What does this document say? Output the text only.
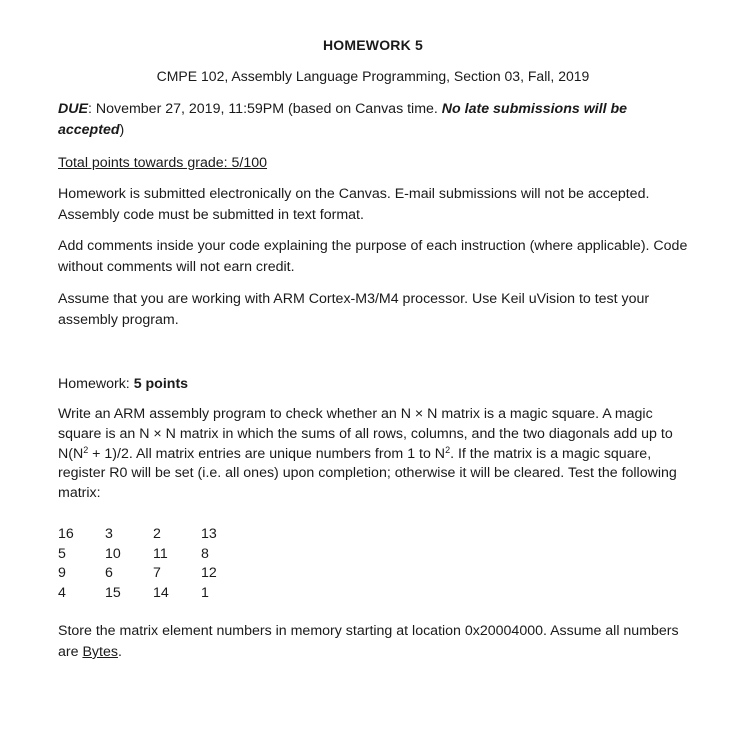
HOMEWORK 5
CMPE 102, Assembly Language Programming, Section 03, Fall, 2019
DUE: November 27, 2019, 11:59PM (based on Canvas time. No late submissions will be accepted)
Total points towards grade: 5/100
Homework is submitted electronically on the Canvas. E-mail submissions will not be accepted. Assembly code must be submitted in text format.
Add comments inside your code explaining the purpose of each instruction (where applicable). Code without comments will not earn credit.
Assume that you are working with ARM Cortex-M3/M4 processor. Use Keil uVision to test your assembly program.
Homework: 5 points
Write an ARM assembly program to check whether an N × N matrix is a magic square. A magic square is an N × N matrix in which the sums of all rows, columns, and the two diagonals add up to $N(N^2 + 1)/2$. All matrix entries are unique numbers from 1 to $N^2$. If the matrix is a magic square, register R0 will be set (i.e. all ones) upon completion; otherwise it will be cleared. Test the following matrix:
16 3	2	13
5	10 11 8
9	6	7	12
4	15 14 1
Store the matrix element numbers in memory starting at location 0x20004000. Assume all numbers are Bytes.
